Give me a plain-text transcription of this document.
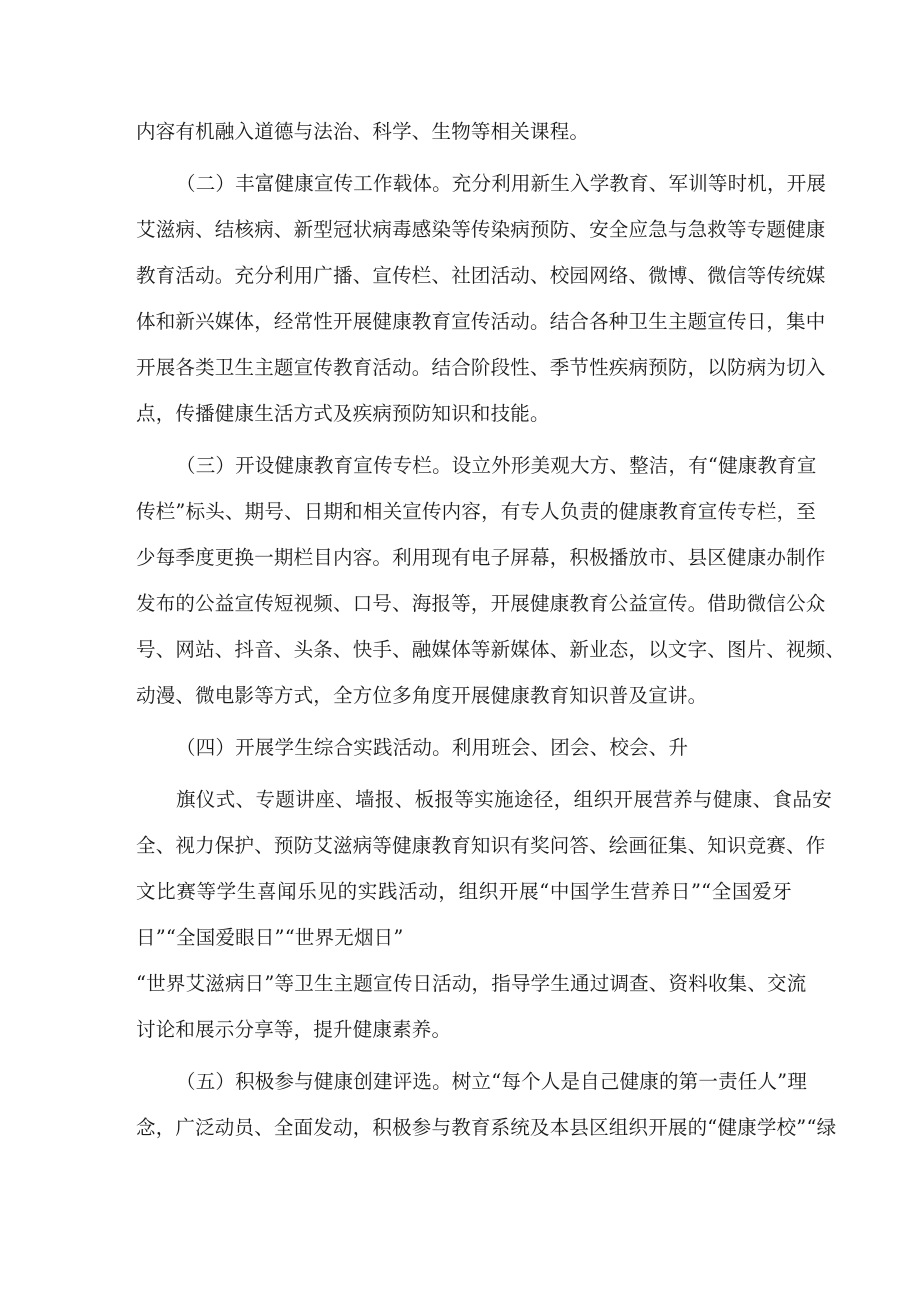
内容有机融入道德与法治、科学、生物等相关课程。
（二）丰富健康宣传工作载体。充分利用新生入学教育、军训等时机，开展
艾滋病、结核病、新型冠状病毒感染等传染病预防、安全应急与急救等专题健康
教育活动。充分利用广播、宣传栏、社团活动、校园网络、微博、微信等传统媒
体和新兴媒体，经常性开展健康教育宣传活动。结合各种卫生主题宣传日，集中
开展各类卫生主题宣传教育活动。结合阶段性、季节性疾病预防，以防病为切入
点，传播健康生活方式及疾病预防知识和技能。
（三）开设健康教育宣传专栏。设立外形美观大方、整洁，有“健康教育宣
传栏”标头、期号、日期和相关宣传内容，有专人负责的健康教育宣传专栏，至
少每季度更换一期栏目内容。利用现有电子屏幕，积极播放市、县区健康办制作
发布的公益宣传短视频、口号、海报等，开展健康教育公益宣传。借助微信公众
号、网站、抖音、头条、快手、融媒体等新媒体、新业态，以文字、图片、视频、
动漫、微电影等方式，全方位多角度开展健康教育知识普及宣讲。
（四）开展学生综合实践活动。利用班会、团会、校会、升
旗仪式、专题讲座、墙报、板报等实施途径，组织开展营养与健康、食品安
全、视力保护、预防艾滋病等健康教育知识有奖问答、绘画征集、知识竞赛、作
文比赛等学生喜闻乐见的实践活动，组织开展“中国学生营养日”“全国爱牙
日”“全国爱眼日”“世界无烟日”
“世界艾滋病日”等卫生主题宣传日活动，指导学生通过调查、资料收集、交流
讨论和展示分享等，提升健康素养。
（五）积极参与健康创建评选。树立“每个人是自己健康的第一责任人”理
念，广泛动员、全面发动，积极参与教育系统及本县区组织开展的“健康学校”“绿
